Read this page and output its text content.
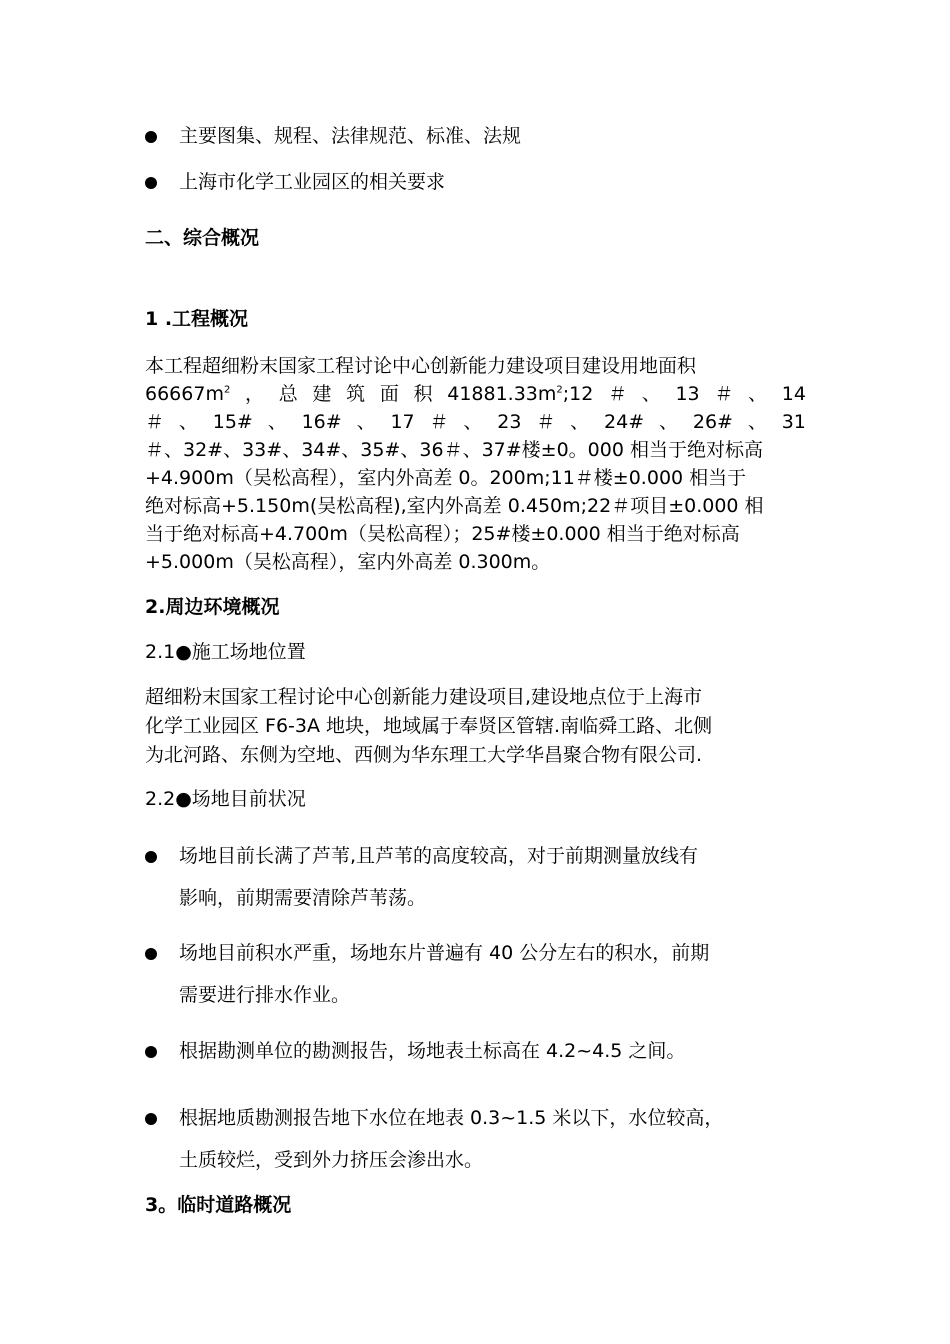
主要图集、规程、法律规范、标准、法规
上海市化学工业园区的相关要求
二、综合概况
1 .工程概况
本工程超细粉末国家工程讨论中心创新能力建设项目建设用地面积
$66667m^2$ ， 总 建 筑 面 积 $41881.33m^2;12$ ＃ 、 13 ＃ 、 14
＃ 、 15# 、 16# 、 17 ＃ 、 23 ＃ 、 24# 、 26# 、 31
＃、32#、33#、34#、35#、36＃、37#楼±0。000 相当于绝对标高
+4.900m（吴松高程），室内外高差 0。200m;11＃楼±0.000 相当于
绝对标高+5.150m(吴松高程),室内外高差 0.450m;22＃项目±0.000 相
当于绝对标高+4.700m（吴松高程）；25#楼±0.000 相当于绝对标高
+5.000m（吴松高程），室内外高差 0.300m。
2.周边环境概况
2.1●施工场地位置
超细粉末国家工程讨论中心创新能力建设项目,建设地点位于上海市
化学工业园区 F6-3A 地块，地域属于奉贤区管辖.南临舜工路、北侧
为北河路、东侧为空地、西侧为华东理工大学华昌聚合物有限公司.
2.2●场地目前状况
场地目前长满了芦苇,且芦苇的高度较高，对于前期测量放线有
影响，前期需要清除芦苇荡。
场地目前积水严重，场地东片普遍有 40 公分左右的积水，前期
需要进行排水作业。
根据勘测单位的勘测报告，场地表土标高在 4.2~4.5 之间。
根据地质勘测报告地下水位在地表 0.3~1.5 米以下，水位较高，
土质较烂，受到外力挤压会渗出水。
3。临时道路概况
